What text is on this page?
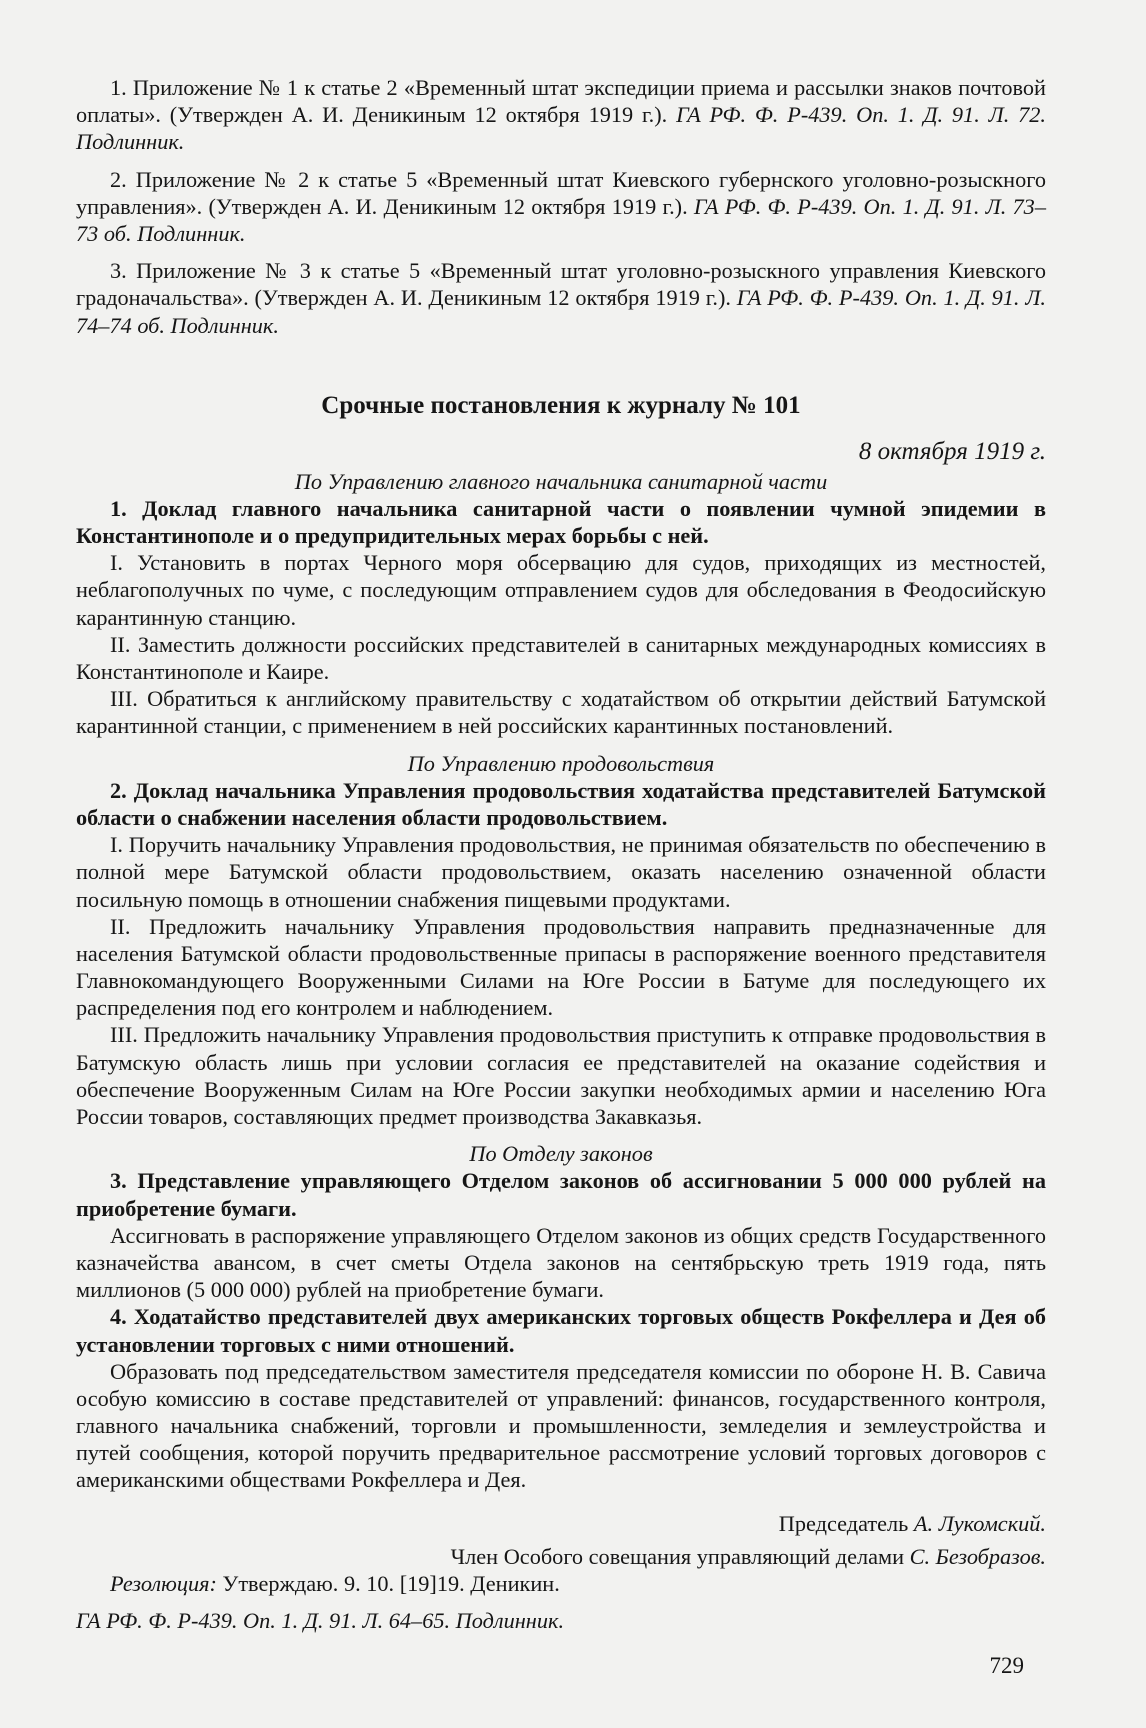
1. Приложение № 1 к статье 2 «Временный штат экспедиции приема и рассылки знаков почтовой оплаты». (Утвержден А. И. Деникиным 12 октября 1919 г.). ГА РФ. Ф. Р-439. Оп. 1. Д. 91. Л. 72. Подлинник.

2. Приложение № 2 к статье 5 «Временный штат Киевского губернского уголовно-розыскного управления». (Утвержден А. И. Деникиным 12 октября 1919 г.). ГА РФ. Ф. Р-439. Оп. 1. Д. 91. Л. 73–73 об. Подлинник.

3. Приложение № 3 к статье 5 «Временный штат уголовно-розыскного управления Киевского градоначальства». (Утвержден А. И. Деникиным 12 октября 1919 г.). ГА РФ. Ф. Р-439. Оп. 1. Д. 91. Л. 74–74 об. Подлинник.

Срочные постановления к журналу № 101

8 октября 1919 г.

По Управлению главного начальника санитарной части

1. Доклад главного начальника санитарной части о появлении чумной эпидемии в Константинополе и о предупридительных мерах борьбы с ней.

I. Установить в портах Черного моря обсервацию для судов, приходящих из местностей, неблагополучных по чуме, с последующим отправлением судов для обследования в Феодосийскую карантинную станцию.

II. Заместить должности российских представителей в санитарных международных комиссиях в Константинополе и Каире.

III. Обратиться к английскому правительству с ходатайством об открытии действий Батумской карантинной станции, с применением в ней российских карантинных постановлений.

По Управлению продовольствия

2. Доклад начальника Управления продовольствия ходатайства представителей Батумской области о снабжении населения области продовольствием.

I. Поручить начальнику Управления продовольствия, не принимая обязательств по обеспечению в полной мере Батумской области продовольствием, оказать населению означенной области посильную помощь в отношении снабжения пищевыми продуктами.

II. Предложить начальнику Управления продовольствия направить предназначенные для населения Батумской области продовольственные припасы в распоряжение военного представителя Главнокомандующего Вооруженными Силами на Юге России в Батуме для последующего их распределения под его контролем и наблюдением.

III. Предложить начальнику Управления продовольствия приступить к отправке продовольствия в Батумскую область лишь при условии согласия ее представителей на оказание содействия и обеспечение Вооруженным Силам на Юге России закупки необходимых армии и населению Юга России товаров, составляющих предмет производства Закавказья.

По Отделу законов

3. Представление управляющего Отделом законов об ассигновании 5 000 000 рублей на приобретение бумаги.

Ассигновать в распоряжение управляющего Отделом законов из общих средств Государственного казначейства авансом, в счет сметы Отдела законов на сентябрьскую треть 1919 года, пять миллионов (5 000 000) рублей на приобретение бумаги.

4. Ходатайство представителей двух американских торговых обществ Рокфеллера и Дея об установлении торговых с ними отношений.

Образовать под председательством заместителя председателя комиссии по обороне Н. В. Савича особую комиссию в составе представителей от управлений: финансов, государственного контроля, главного начальника снабжений, торговли и промышленности, земледелия и землеустройства и путей сообщения, которой поручить предварительное рассмотрение условий торговых договоров с американскими обществами Рокфеллера и Дея.

Председатель А. Лукомский.

Член Особого совещания управляющий делами С. Безобразов.

Резолюция: Утверждаю. 9. 10. [19]19. Деникин.

ГА РФ. Ф. Р-439. Оп. 1. Д. 91. Л. 64–65. Подлинник.

729
